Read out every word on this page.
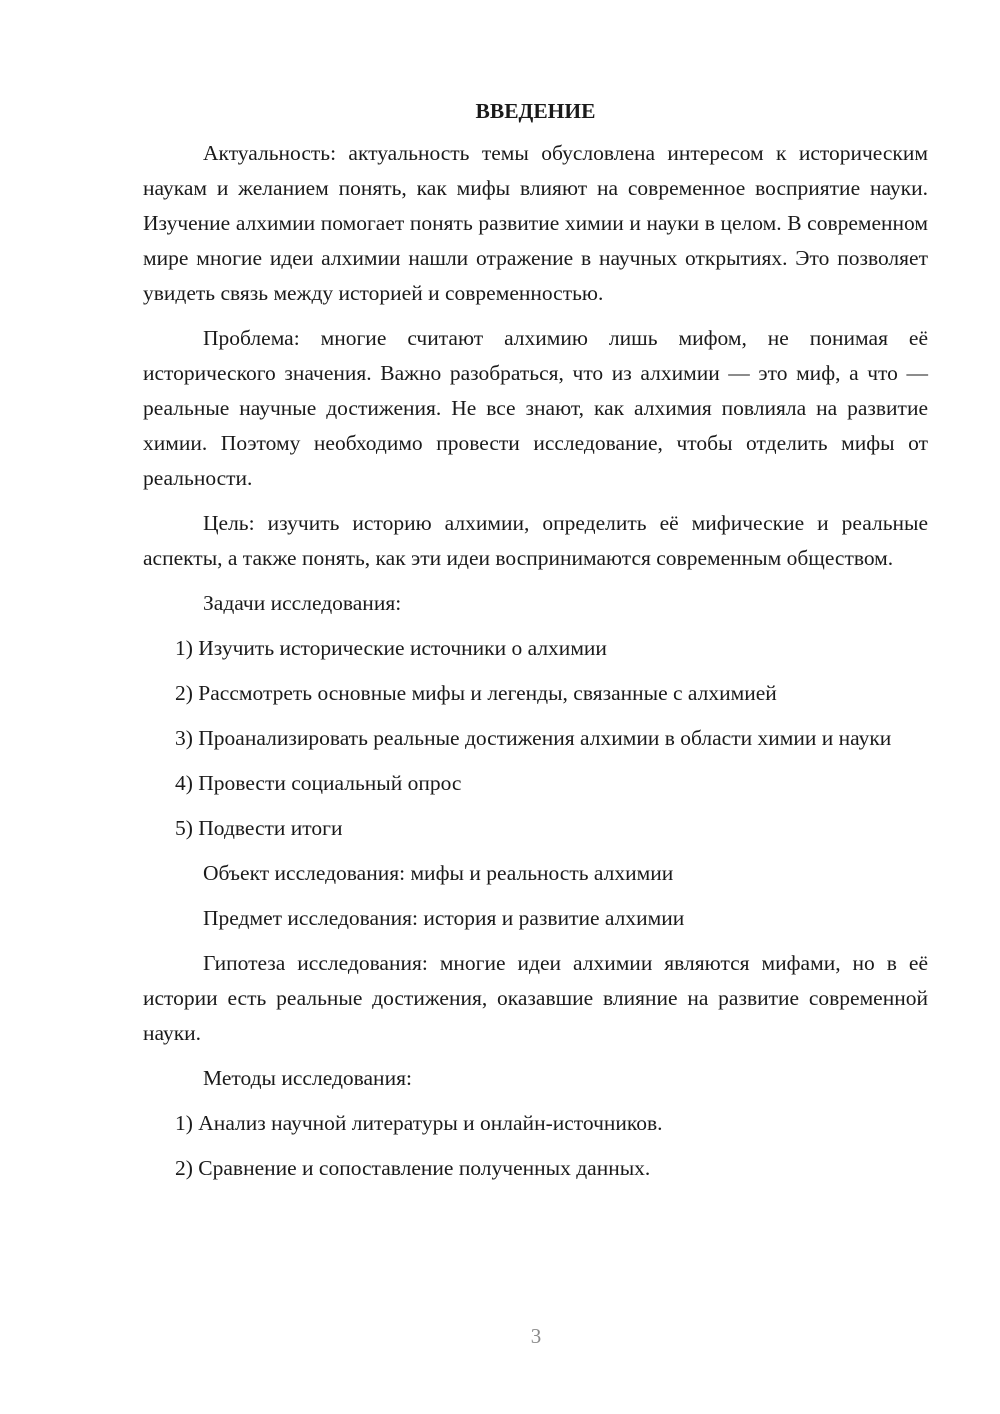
ВВЕДЕНИЕ

Актуальность: актуальность темы обусловлена интересом к историческим наукам и желанием понять, как мифы влияют на современное восприятие науки. Изучение алхимии помогает понять развитие химии и науки в целом. В современном мире многие идеи алхимии нашли отражение в научных открытиях. Это позволяет увидеть связь между историей и современностью.

Проблема: многие считают алхимию лишь мифом, не понимая её исторического значения. Важно разобраться, что из алхимии — это миф, а что — реальные научные достижения. Не все знают, как алхимия повлияла на развитие химии. Поэтому необходимо провести исследование, чтобы отделить мифы от реальности.

Цель: изучить историю алхимии, определить её мифические и реальные аспекты, а также понять, как эти идеи воспринимаются современным обществом.

Задачи исследования:

1) Изучить исторические источники о алхимии

2) Рассмотреть основные мифы и легенды, связанные с алхимией

3) Проанализировать реальные достижения алхимии в области химии и науки

4) Провести социальный опрос

5) Подвести итоги

Объект исследования: мифы и реальность алхимии

Предмет исследования: история и развитие алхимии

Гипотеза исследования: многие идеи алхимии являются мифами, но в её истории есть реальные достижения, оказавшие влияние на развитие современной науки.

Методы исследования:

1) Анализ научной литературы и онлайн-источников.

2) Сравнение и сопоставление полученных данных.

3
